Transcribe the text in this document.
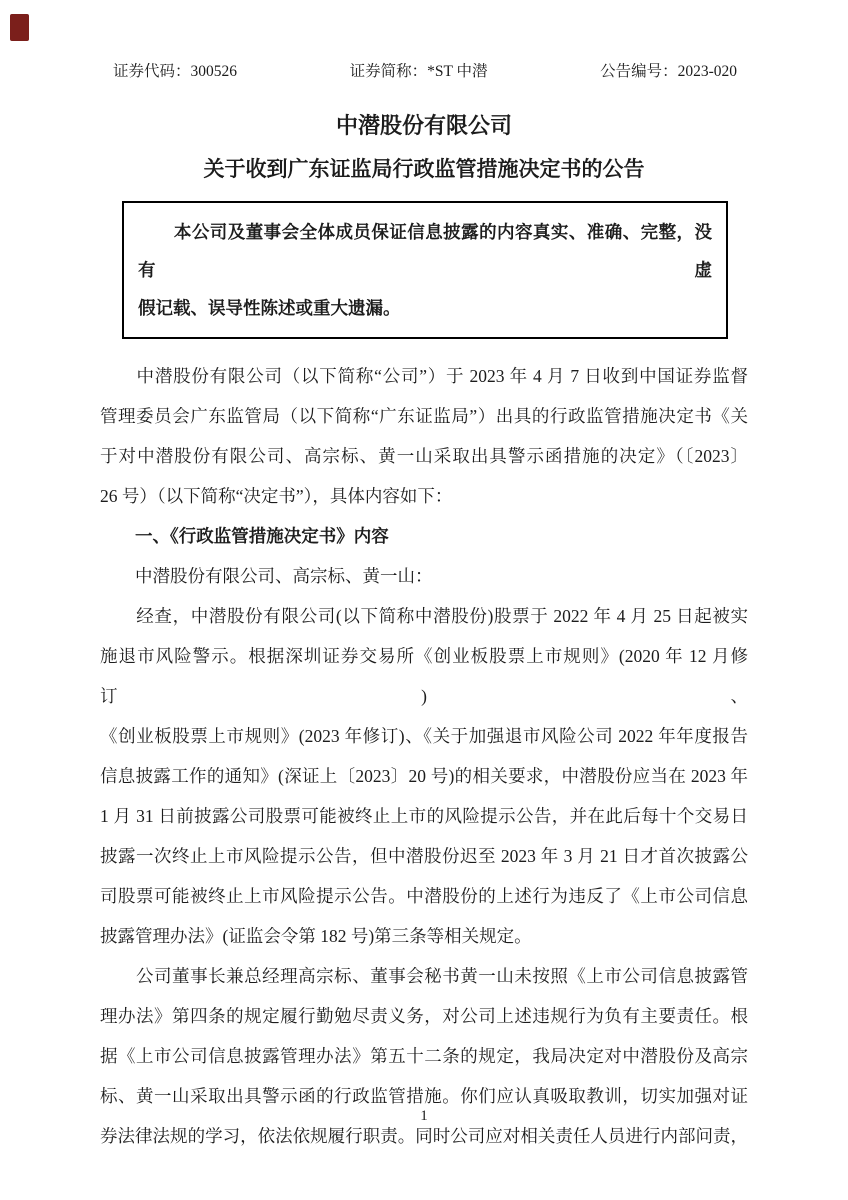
证券代码：300526	证券简称：*ST 中潜	公告编号：2023-020
中潜股份有限公司
关于收到广东证监局行政监管措施决定书的公告
　　本公司及董事会全体成员保证信息披露的内容真实、准确、完整，没有虚
假记载、误导性陈述或重大遗漏。
　　中潜股份有限公司（以下简称“公司”）于 2023 年 4 月 7 日收到中国证券监督
管理委员会广东监管局（以下简称“广东证监局”）出具的行政监管措施决定书《关
于对中潜股份有限公司、高宗标、黄一山采取出具警示函措施的决定》（〔2023〕
26 号）（以下简称“决定书”），具体内容如下：
一、《行政监管措施决定书》内容
中潜股份有限公司、高宗标、黄一山：
　　经查，中潜股份有限公司(以下简称中潜股份)股票于 2022 年 4 月 25 日起被实
施退市风险警示。根据深圳证券交易所《创业板股票上市规则》(2020 年 12 月修订)、
《创业板股票上市规则》(2023 年修订)、《关于加强退市风险公司 2022 年年度报告
信息披露工作的通知》(深证上〔2023〕20 号)的相关要求，中潜股份应当在 2023 年
1 月 31 日前披露公司股票可能被终止上市的风险提示公告，并在此后每十个交易日
披露一次终止上市风险提示公告，但中潜股份迟至 2023 年 3 月 21 日才首次披露公
司股票可能被终止上市风险提示公告。中潜股份的上述行为违反了《上市公司信息
披露管理办法》(证监会令第 182 号)第三条等相关规定。
　　公司董事长兼总经理高宗标、董事会秘书黄一山未按照《上市公司信息披露管
理办法》第四条的规定履行勤勉尽责义务，对公司上述违规行为负有主要责任。根
据《上市公司信息披露管理办法》第五十二条的规定，我局决定对中潜股份及高宗
标、黄一山采取出具警示函的行政监管措施。你们应认真吸取教训，切实加强对证
券法律法规的学习，依法依规履行职责。同时公司应对相关责任人员进行内部问责，
1
